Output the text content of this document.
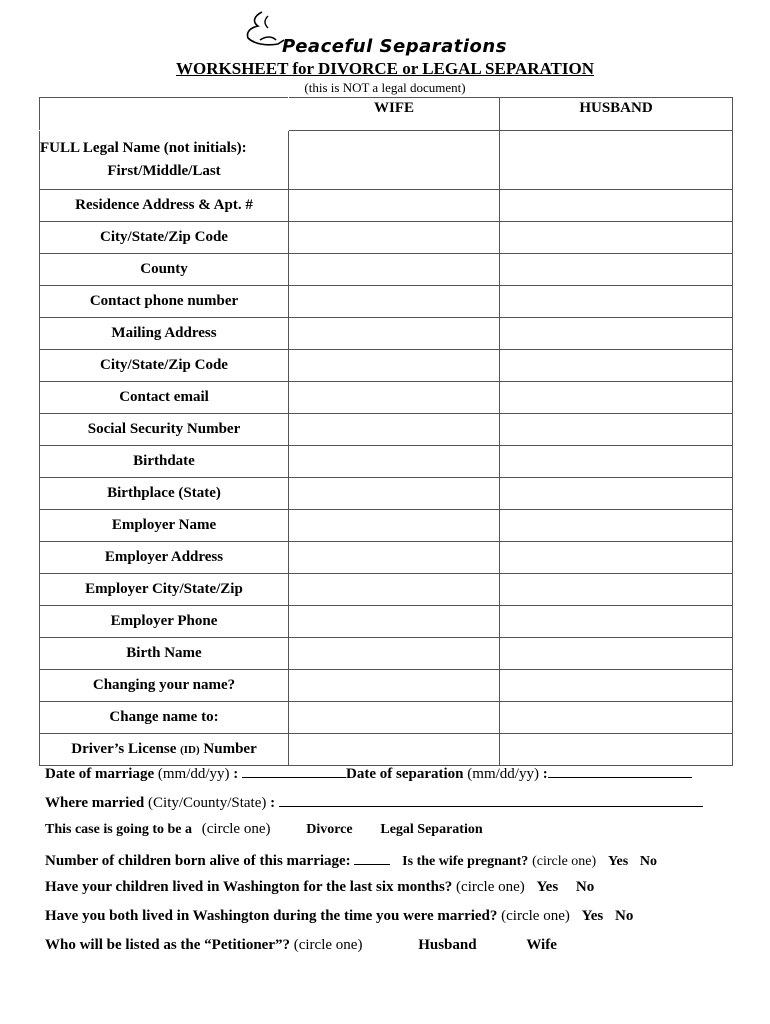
Peaceful Separations
WORKSHEET for DIVORCE or LEGAL SEPARATION
(this is NOT a legal document)
	WIFE	HUSBAND

FULL Legal Name (not initials):
First/Middle/Last		

Residence Address & Apt. #		
City/State/Zip Code		
County		
Contact phone number		
Mailing Address		
City/State/Zip Code		
Contact email		
Social Security Number		
Birthdate		
Birthplace (State)		
Employer Name		
Employer Address		
Employer City/State/Zip		
Employer Phone		
Birth Name		
Changing your name?		
Change name to:		
Driver’s License (ID) Number		
Date of marriage (mm/dd/yy) :	Date of separation (mm/dd/yy) :
Where married (City/County/State) :
This case is going to be a (circle one)	Divorce Legal Separation
Number of children born alive of this marriage:	Is the wife pregnant? (circle one) Yes No
Have your children lived in Washington for the last six months? (circle one) Yes No
Have you both lived in Washington during the time you were married? (circle one) Yes No
Who will be listed as the “Petitioner”? (circle one)	Husband	Wife
